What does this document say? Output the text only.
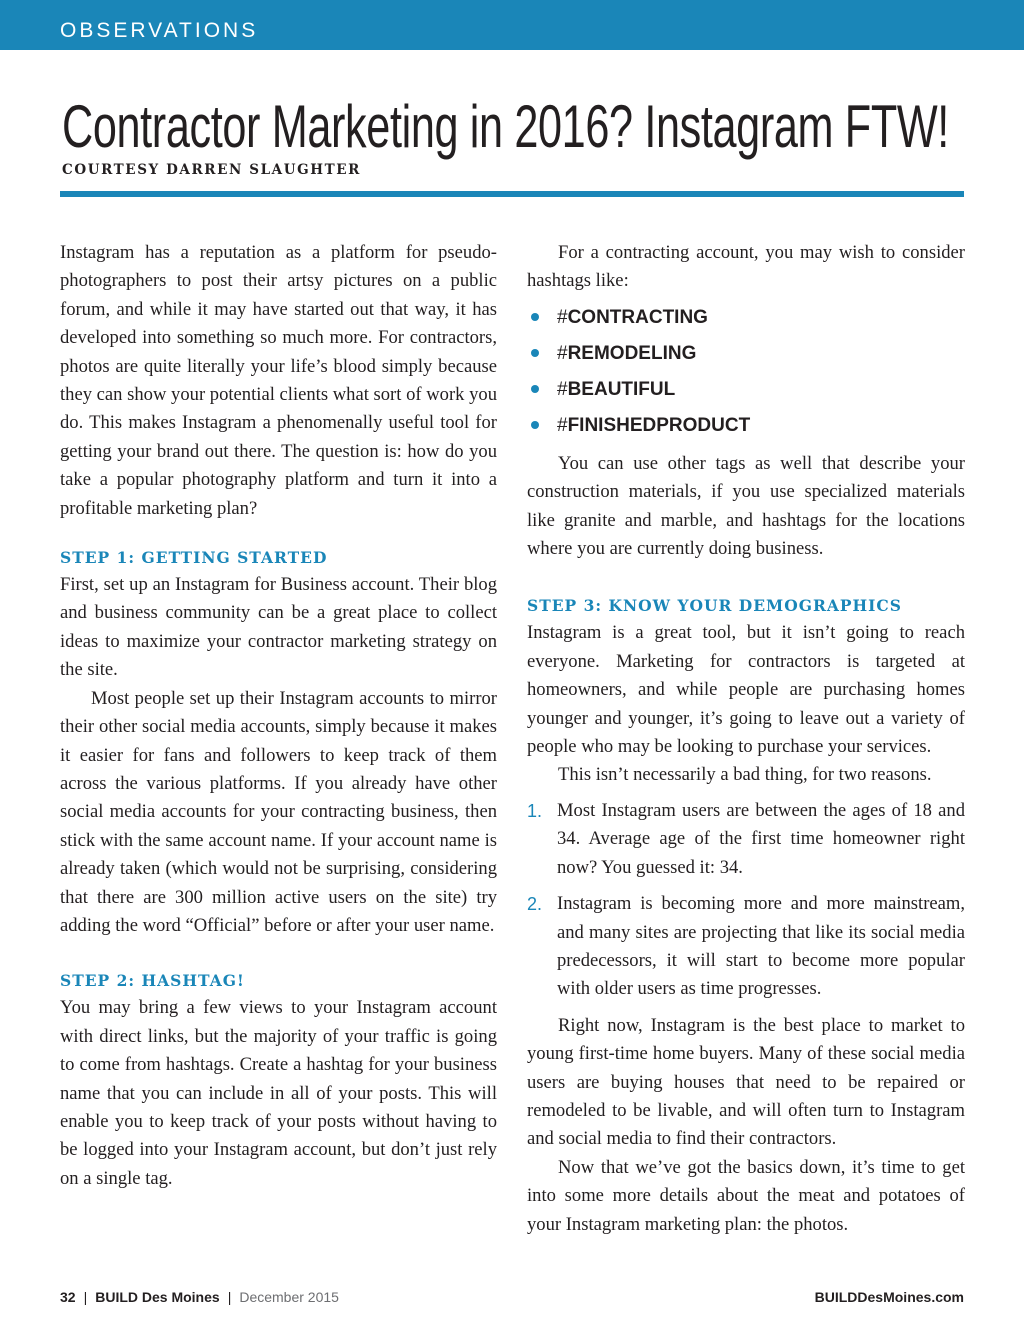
OBSERVATIONS
Contractor Marketing in 2016? Instagram FTW!
COURTESY DARREN SLAUGHTER

Instagram has a reputation as a platform for pseudo-photographers to post their artsy pictures on a public forum, and while it may have started out that way, it has developed into something so much more. For contractors, photos are quite literally your life’s blood simply because they can show your potential clients what sort of work you do. This makes Instagram a phenomenally useful tool for getting your brand out there. The question is: how do you take a popular photography platform and turn it into a profitable marketing plan?

STEP 1: GETTING STARTED

First, set up an Instagram for Business account. Their blog and business community can be a great place to collect ideas to maximize your contractor marketing strategy on the site.

Most people set up their Instagram accounts to mirror their other social media accounts, simply because it makes it easier for fans and followers to keep track of them across the various platforms. If you already have other social media accounts for your contracting business, then stick with the same account name. If your account name is already taken (which would not be surprising, considering that there are 300 million active users on the site) try adding the word “Official” before or after your user name.

STEP 2: HASHTAG!

You may bring a few views to your Instagram account with direct links, but the majority of your traffic is going to come from hashtags. Create a hashtag for your business name that you can include in all of your posts. This will enable you to keep track of your posts without having to be logged into your Instagram account, but don’t just rely on a single tag.

For a contracting account, you may wish to consider hashtags like:

#CONTRACTING
#REMODELING
#BEAUTIFUL
#FINISHEDPRODUCT

You can use other tags as well that describe your construction materials, if you use specialized materials like granite and marble, and hashtags for the locations where you are currently doing business.

STEP 3: KNOW YOUR DEMOGRAPHICS

Instagram is a great tool, but it isn’t going to reach everyone. Marketing for contractors is targeted at homeowners, and while people are purchasing homes younger and younger, it’s going to leave out a variety of people who may be looking to purchase your services.

This isn’t necessarily a bad thing, for two reasons.

1. Most Instagram users are between the ages of 18 and 34. Average age of the first time homeowner right now? You guessed it: 34.

2. Instagram is becoming more and more mainstream, and many sites are projecting that like its social media predecessors, it will start to become more popular with older users as time progresses.

Right now, Instagram is the best place to market to young first-time home buyers. Many of these social media users are buying houses that need to be repaired or remodeled to be livable, and will often turn to Instagram and social media to find their contractors.

Now that we’ve got the basics down, it’s time to get into some more details about the meat and potatoes of your Instagram marketing plan: the photos.

32 | BUILD Des Moines | December 2015	BUILDDesMoines.com
